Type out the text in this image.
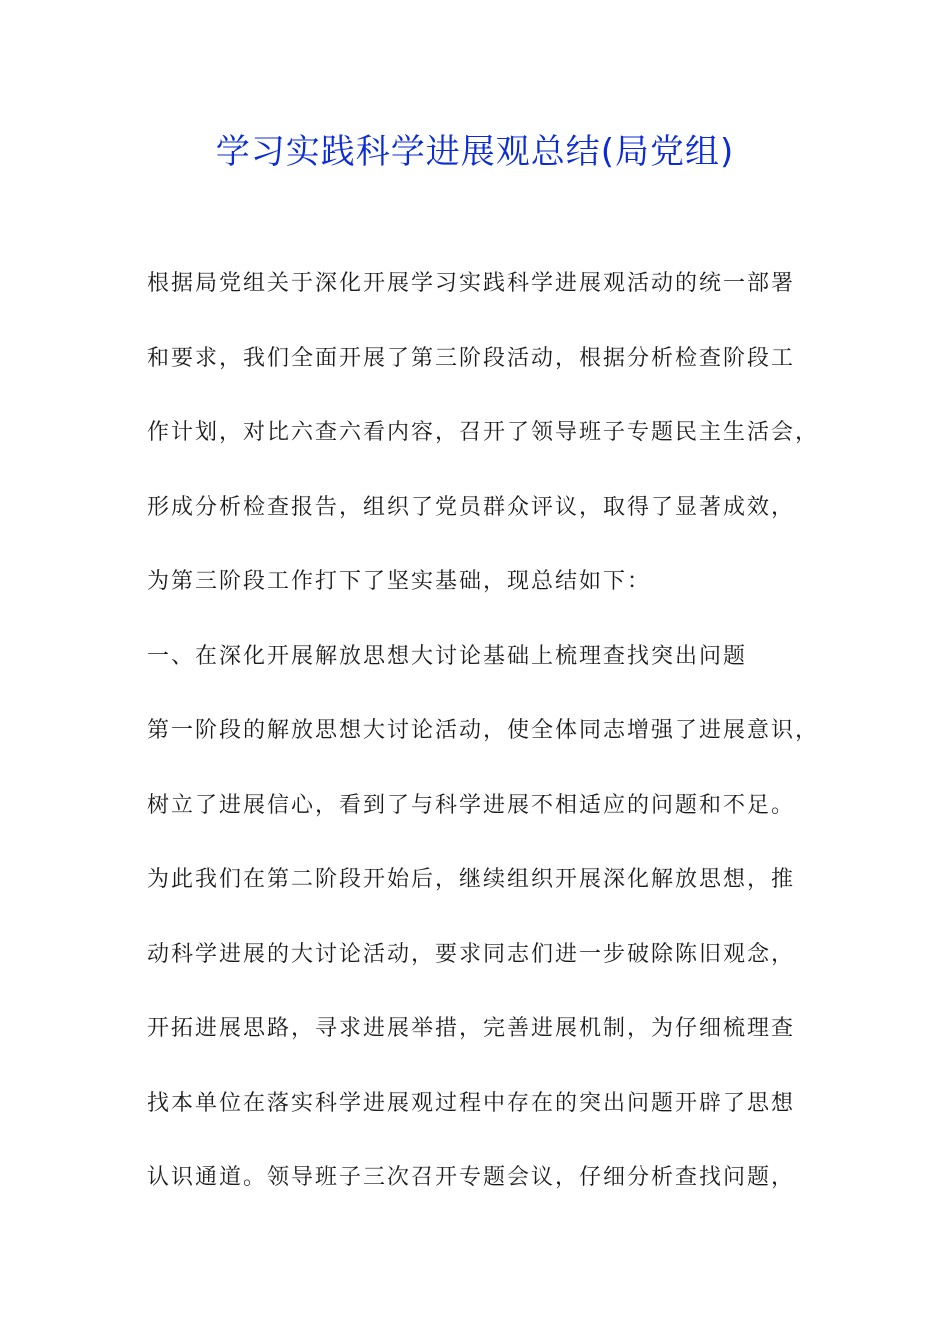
学习实践科学进展观总结(局党组)
根据局党组关于深化开展学习实践科学进展观活动的统一部署
和要求，我们全面开展了第三阶段活动，根据分析检查阶段工
作计划，对比六查六看内容，召开了领导班子专题民主生活会，
形成分析检查报告，组织了党员群众评议，取得了显著成效，
为第三阶段工作打下了坚实基础，现总结如下：
一、在深化开展解放思想大讨论基础上梳理查找突出问题
第一阶段的解放思想大讨论活动，使全体同志增强了进展意识，
树立了进展信心，看到了与科学进展不相适应的问题和不足。
为此我们在第二阶段开始后，继续组织开展深化解放思想，推
动科学进展的大讨论活动，要求同志们进一步破除陈旧观念，
开拓进展思路，寻求进展举措，完善进展机制，为仔细梳理查
找本单位在落实科学进展观过程中存在的突出问题开辟了思想
认识通道。领导班子三次召开专题会议，仔细分析查找问题，
